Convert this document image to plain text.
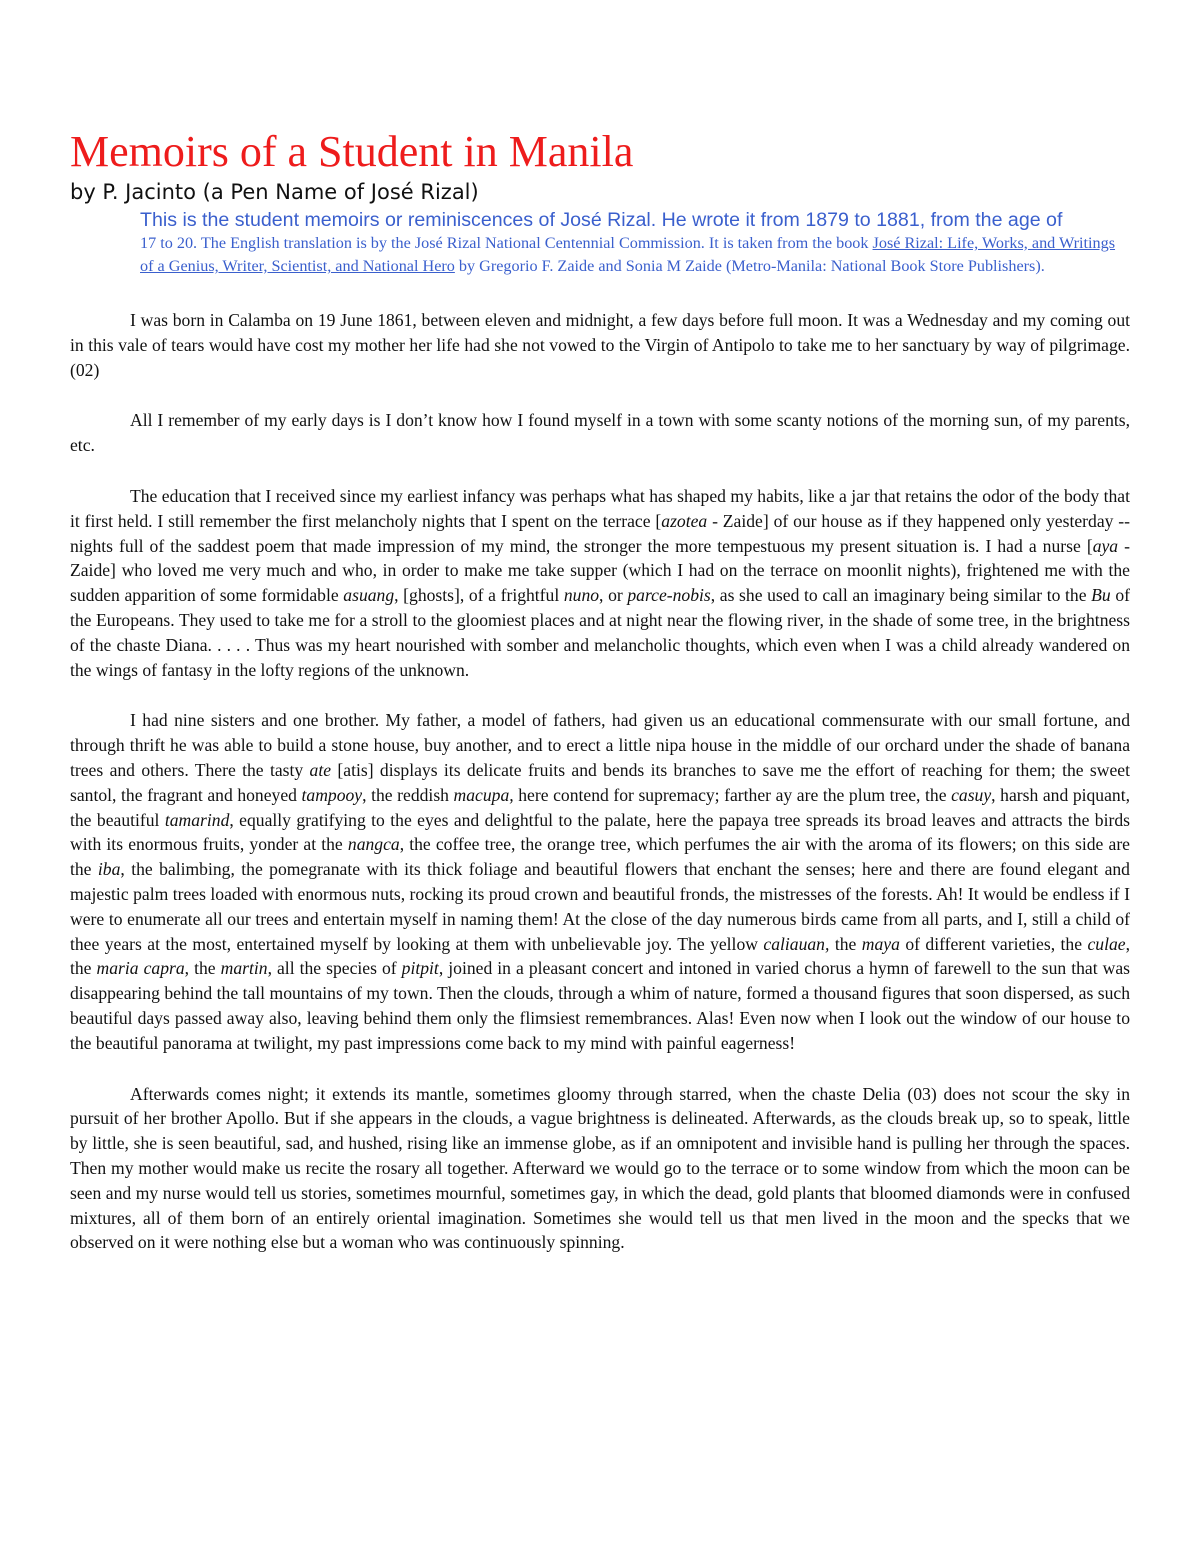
Memoirs of a Student in Manila
by P. Jacinto (a Pen Name of José Rizal)
This is the student memoirs or reminiscences of José Rizal. He wrote it from 1879 to 1881, from the age of
17 to 20. The English translation is by the José Rizal National Centennial Commission. It is taken from the book José Rizal: Life, Works, and Writings of a Genius, Writer, Scientist, and National Hero by Gregorio F. Zaide and Sonia M Zaide (Metro-Manila: National Book Store Publishers).

I was born in Calamba on 19 June 1861, between eleven and midnight, a few days before full moon. It was a Wednesday and my coming out in this vale of tears would have cost my mother her life had she not vowed to the Virgin of Antipolo to take me to her sanctuary by way of pilgrimage. (02)

All I remember of my early days is I don’t know how I found myself in a town with some scanty notions of the morning sun, of my parents, etc.

The education that I received since my earliest infancy was perhaps what has shaped my habits, like a jar that retains the odor of the body that it first held. I still remember the first melancholy nights that I spent on the terrace [azotea - Zaide] of our house as if they happened only yesterday -- nights full of the saddest poem that made impression of my mind, the stronger the more tempestuous my present situation is. I had a nurse [aya - Zaide] who loved me very much and who, in order to make me take supper (which I had on the terrace on moonlit nights), frightened me with the sudden apparition of some formidable asuang, [ghosts], of a frightful nuno, or parce-nobis, as she used to call an imaginary being similar to the Bu of the Europeans. They used to take me for a stroll to the gloomiest places and at night near the flowing river, in the shade of some tree, in the brightness of the chaste Diana. . . . . Thus was my heart nourished with somber and melancholic thoughts, which even when I was a child already wandered on the wings of fantasy in the lofty regions of the unknown.

I had nine sisters and one brother. My father, a model of fathers, had given us an educational commensurate with our small fortune, and through thrift he was able to build a stone house, buy another, and to erect a little nipa house in the middle of our orchard under the shade of banana trees and others. There the tasty ate [atis] displays its delicate fruits and bends its branches to save me the effort of reaching for them; the sweet santol, the fragrant and honeyed tampooy, the reddish macupa, here contend for supremacy; farther ay are the plum tree, the casuy, harsh and piquant, the beautiful tamarind, equally gratifying to the eyes and delightful to the palate, here the papaya tree spreads its broad leaves and attracts the birds with its enormous fruits, yonder at the nangca, the coffee tree, the orange tree, which perfumes the air with the aroma of its flowers; on this side are the iba, the balimbing, the pomegranate with its thick foliage and beautiful flowers that enchant the senses; here and there are found elegant and majestic palm trees loaded with enormous nuts, rocking its proud crown and beautiful fronds, the mistresses of the forests. Ah! It would be endless if I were to enumerate all our trees and entertain myself in naming them! At the close of the day numerous birds came from all parts, and I, still a child of thee years at the most, entertained myself by looking at them with unbelievable joy. The yellow caliauan, the maya of different varieties, the culae, the maria capra, the martin, all the species of pitpit, joined in a pleasant concert and intoned in varied chorus a hymn of farewell to the sun that was disappearing behind the tall mountains of my town. Then the clouds, through a whim of nature, formed a thousand figures that soon dispersed, as such beautiful days passed away also, leaving behind them only the flimsiest remembrances. Alas! Even now when I look out the window of our house to the beautiful panorama at twilight, my past impressions come back to my mind with painful eagerness!

Afterwards comes night; it extends its mantle, sometimes gloomy through starred, when the chaste Delia (03) does not scour the sky in pursuit of her brother Apollo. But if she appears in the clouds, a vague brightness is delineated. Afterwards, as the clouds break up, so to speak, little by little, she is seen beautiful, sad, and hushed, rising like an immense globe, as if an omnipotent and invisible hand is pulling her through the spaces. Then my mother would make us recite the rosary all together. Afterward we would go to the terrace or to some window from which the moon can be seen and my nurse would tell us stories, sometimes mournful, sometimes gay, in which the dead, gold plants that bloomed diamonds were in confused mixtures, all of them born of an entirely oriental imagination. Sometimes she would tell us that men lived in the moon and the specks that we observed on it were nothing else but a woman who was continuously spinning.
